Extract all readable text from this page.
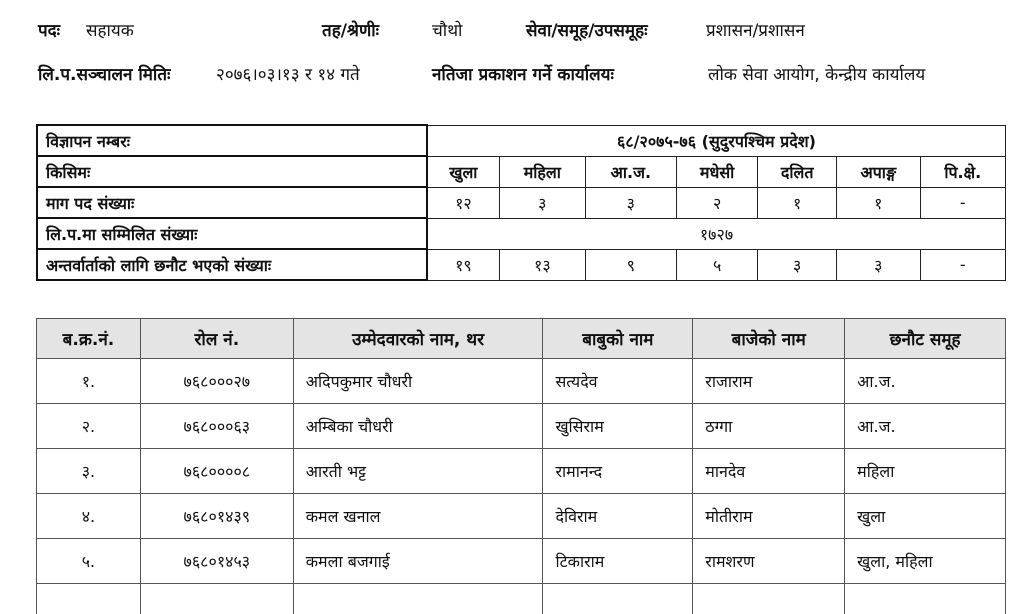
पदः सहायक	तह/श्रेणीः	चौथो	सेवा/समूह/उपसमूहः	प्रशासन/प्रशासन
लि.प.सञ्चालन मितिः	२०७६।०३।१३ र १४ गते	नतिजा प्रकाशन गर्ने कार्यालयः	लोक सेवा आयोग, केन्द्रीय कार्यालय
विज्ञापन नम्बरः	६८/२०७५-७६ (सुदुरपश्चिम प्रदेश)						
किसिमः	खुला	महिला	आ.ज.	मधेसी	दलित	अपाङ्ग	पि.क्षे.
माग पद संख्याः	१२	३	३	२	१	१	-
लि.प.मा सम्मिलित संख्याः	१७२७						
अन्तर्वार्ताको लागि छनौट भएको संख्याः	१९	१३	९	५	३	३	-
ब.क्र.नं.	रोल नं.	उम्मेदवारको नाम, थर	बाबुको नाम	बाजेको नाम	छनौट समूह
१.	७६८०००२७	अदिपकुमार चौधरी	सत्यदेव	राजाराम	आ.ज.
२.	७६८०००६३	अम्बिका चौधरी	खुसिराम	ठग्गा	आ.ज.
३.	७६८००००८	आरती भट्ट	रामानन्द	मानदेव	महिला
४.	७६८०१४३९	कमल खनाल	देविराम	मोतीराम	खुला
५.	७६८०१४५३	कमला बजगाई	टिकाराम	रामशरण	खुला, महिला
